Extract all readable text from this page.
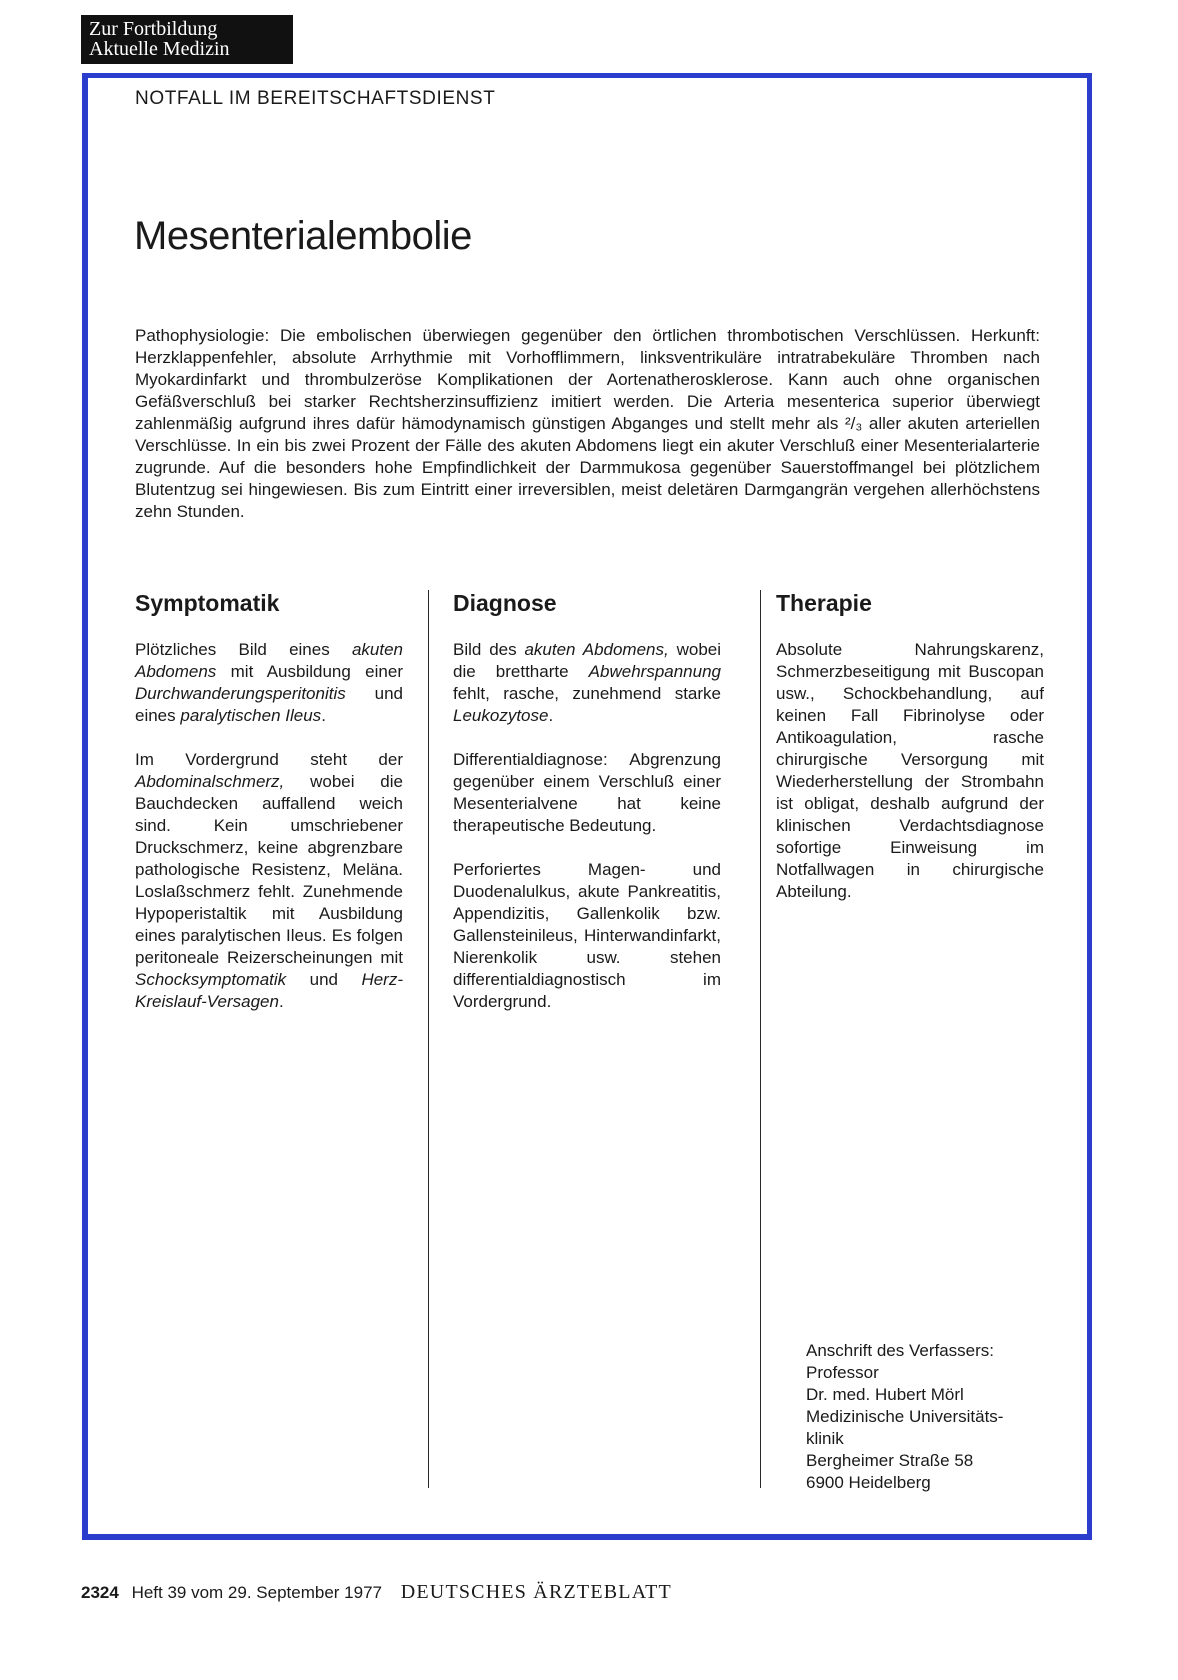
Zur Fortbildung
Aktuelle Medizin
NOTFALL IM BEREITSCHAFTSDIENST
Mesenterialembolie

Pathophysiologie: Die embolischen überwiegen gegenüber den örtlichen thrombotischen Verschlüssen. Herkunft: Herzklappenfehler, absolute Arrhythmie mit Vorhofflimmern, linksventrikuläre intratrabekuläre Thromben nach Myokardinfarkt und thrombulzeröse Komplikationen der Aortenatherosklerose. Kann auch ohne organischen Gefäßverschluß bei starker Rechtsherzinsuffizienz imitiert werden. Die Arteria mesenterica superior überwiegt zahlenmäßig aufgrund ihres dafür hämodynamisch günstigen Abganges und stellt mehr als ²/₃ aller akuten arteriellen Verschlüsse. In ein bis zwei Prozent der Fälle des akuten Abdomens liegt ein akuter Verschluß einer Mesenterialarterie zugrunde. Auf die besonders hohe Empfindlichkeit der Darmmukosa gegenüber Sauerstoffmangel bei plötzlichem Blutentzug sei hingewiesen. Bis zum Eintritt einer irreversiblen, meist deletären Darmgangrän vergehen allerhöchstens zehn Stunden.

Symptomatik

Plötzliches Bild eines akuten Abdomens mit Ausbildung einer Durchwanderungsperitonitis und eines paralytischen Ileus.

Im Vordergrund steht der Abdominalschmerz, wobei die Bauchdecken auffallend weich sind. Kein umschriebener Druckschmerz, keine abgrenzbare pathologische Resistenz, Meläna. Loslaßschmerz fehlt. Zunehmende Hypoperistaltik mit Ausbildung eines paralytischen Ileus. Es folgen peritoneale Reizerscheinungen mit Schocksymptomatik und Herz-Kreislauf-Versagen.

Diagnose

Bild des akuten Abdomens, wobei die brettharte Abwehrspannung fehlt, rasche, zunehmend starke Leukozytose.

Differentialdiagnose: Abgrenzung gegenüber einem Verschluß einer Mesenterialvene hat keine therapeutische Bedeutung.

Perforiertes Magen- und Duodenalulkus, akute Pankreatitis, Appendizitis, Gallenkolik bzw. Gallensteinileus, Hinterwandinfarkt, Nierenkolik usw. stehen differentialdiagnostisch im Vordergrund.

Therapie

Absolute Nahrungskarenz, Schmerzbeseitigung mit Buscopan usw., Schockbehandlung, auf keinen Fall Fibrinolyse oder Antikoagulation, rasche chirurgische Versorgung mit Wiederherstellung der Strombahn ist obligat, deshalb aufgrund der klinischen Verdachtsdiagnose sofortige Einweisung im Notfallwagen in chirurgische Abteilung.

Anschrift des Verfassers:
Professor
Dr. med. Hubert Mörl
Medizinische Universitäts-
klinik
Bergheimer Straße 58
6900 Heidelberg
2324 Heft 39 vom 29. September 1977 DEUTSCHES ÄRZTEBLATT
